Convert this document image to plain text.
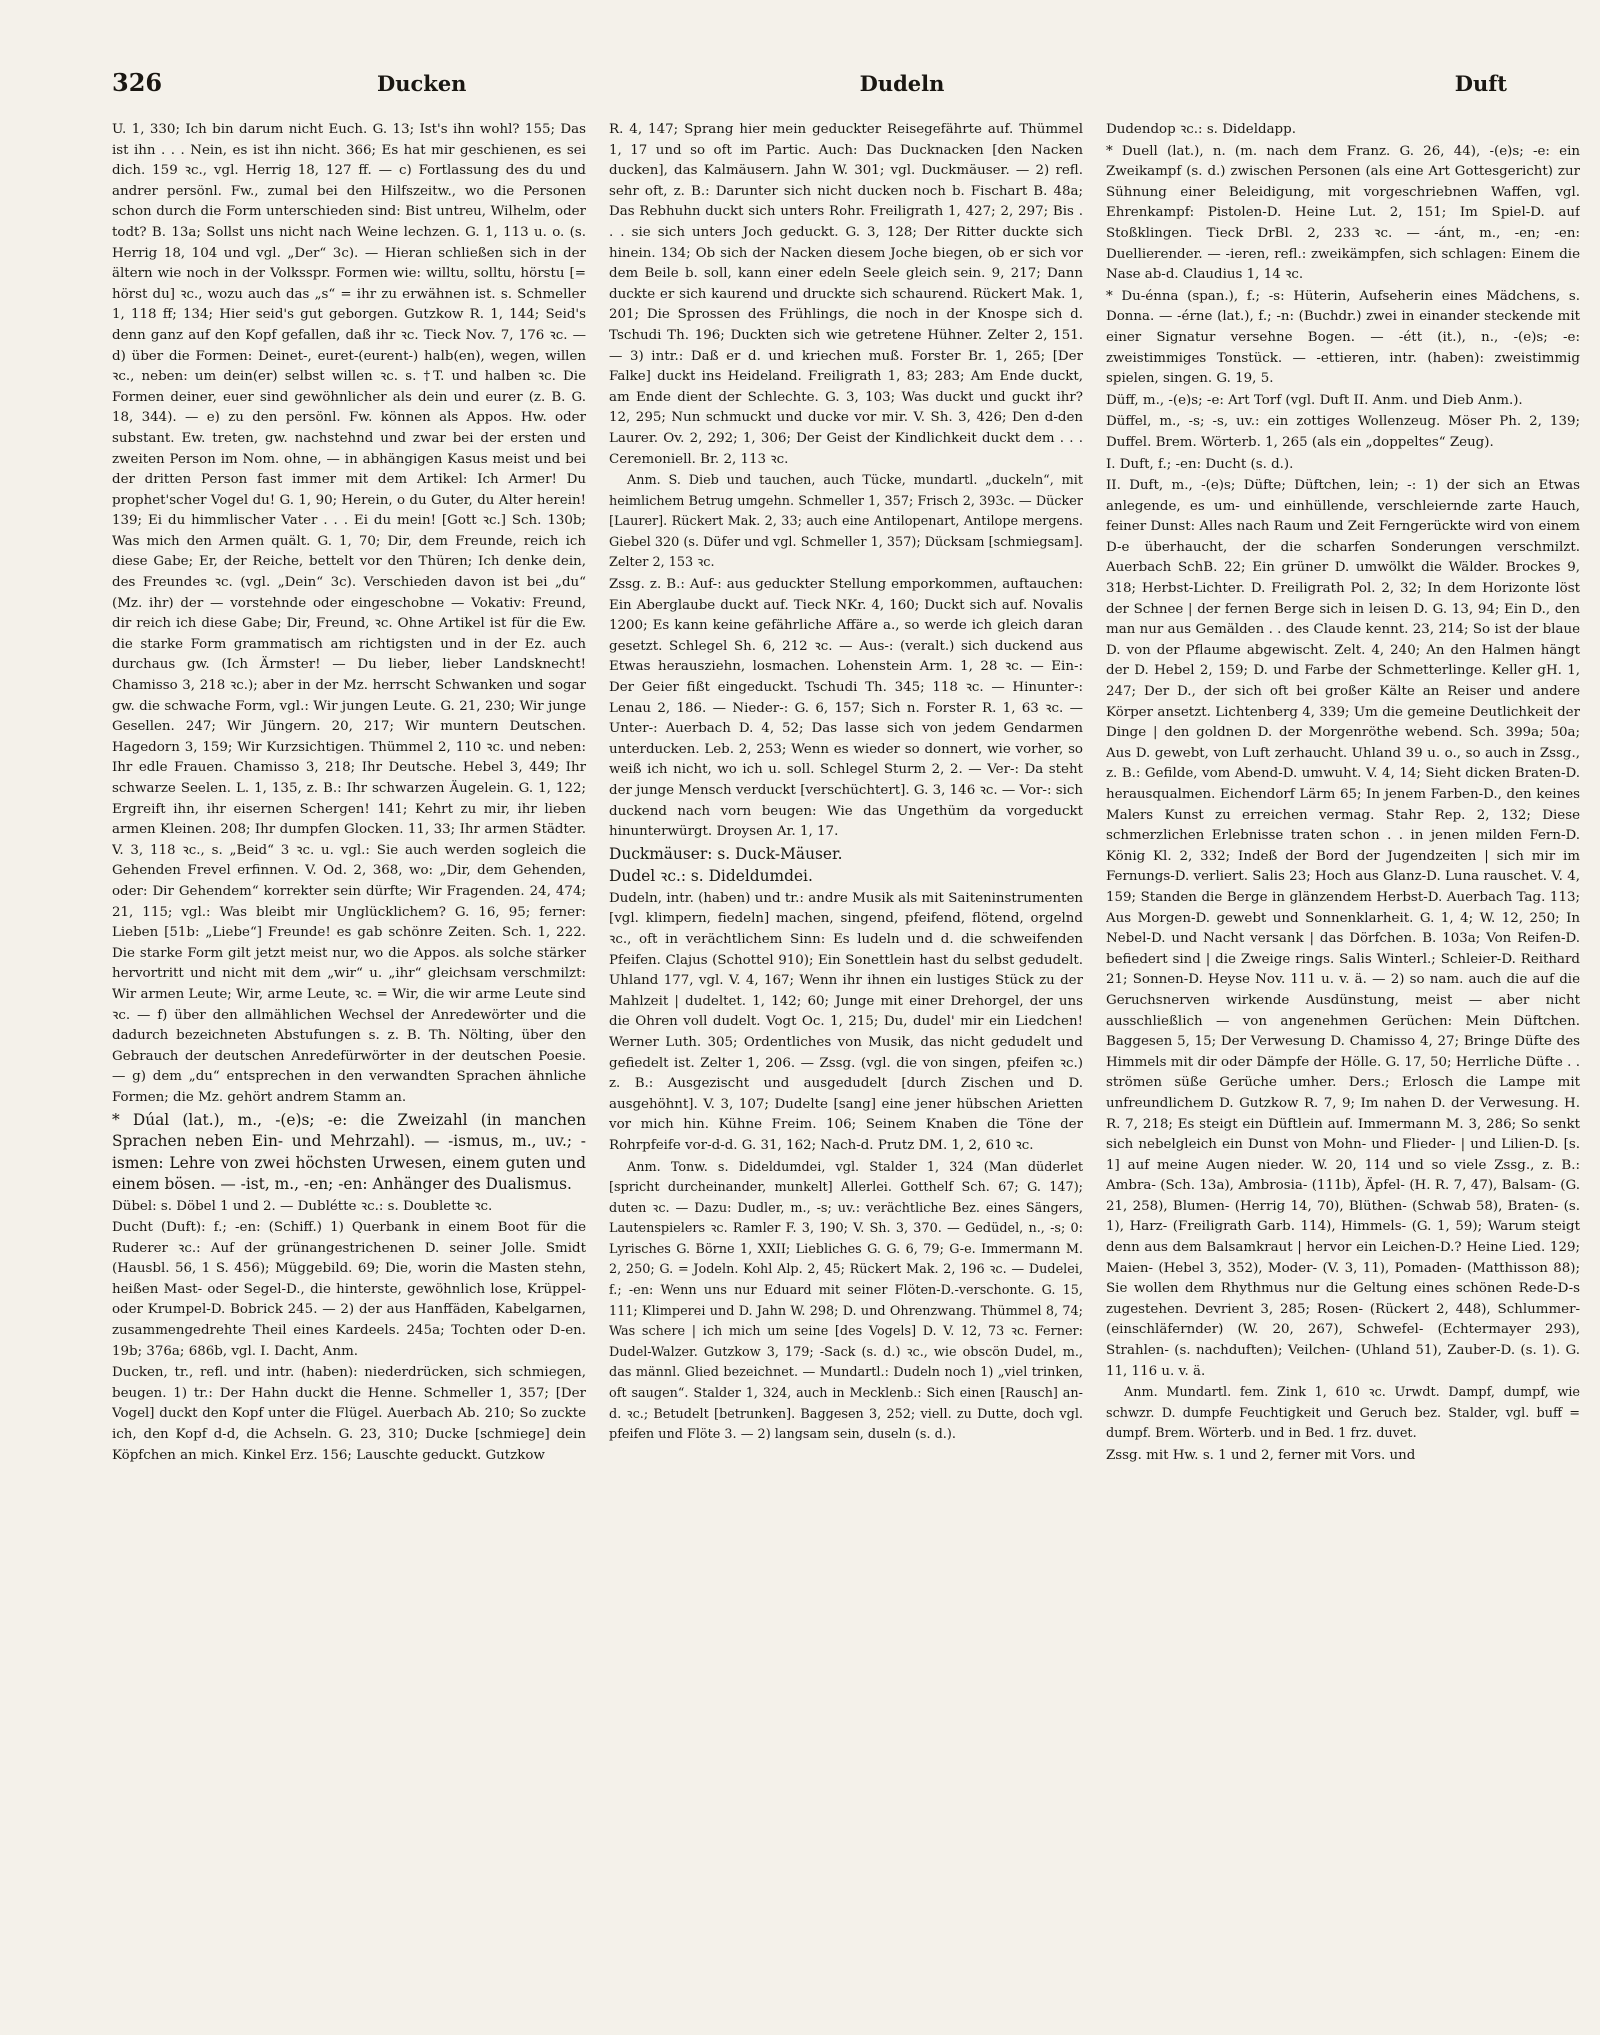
326	Ducken	Dudeln	Duft

U. 1, 330; Ich bin darum nicht Euch. G. 13; Ist's ihn wohl? 155; Das ist ihn . . . Nein, es ist ihn nicht. 366; Es hat mir geschienen, es sei dich. 159 ꝛc., vgl. Herrig 18, 127 ff. — c) Fortlassung des du und andrer persönl. Fw., zumal bei den Hilfszeitw., wo die Personen schon durch die Form unterschieden sind: Bist untreu, Wilhelm, oder todt? B. 13a; Sollst uns nicht nach Weine lechzen. G. 1, 113 u. o. (s. Herrig 18, 104 und vgl. „Der“ 3c). — Hieran schließen sich in der ältern wie noch in der Volksspr. Formen wie: willtu, solltu, hörstu [= hörst du] ꝛc., wozu auch das „s“ = ihr zu erwähnen ist. s. Schmeller 1, 118 ff; 134; Hier seid's gut geborgen. Gutzkow R. 1, 144; Seid's denn ganz auf den Kopf gefallen, daß ihr ꝛc. Tieck Nov. 7, 176 ꝛc. — d) über die Formen: Deinet-, euret-(eurent-) halb(en), wegen, willen ꝛc., neben: um dein(er) selbst willen ꝛc. s. †T. und halben ꝛc. Die Formen deiner, euer sind gewöhnlicher als dein und eurer (z. B. G. 18, 344). — e) zu den persönl. Fw. können als Appos. Hw. oder substant. Ew. treten, gw. nachstehnd und zwar bei der ersten und zweiten Person im Nom. ohne, — in abhängigen Kasus meist und bei der dritten Person fast immer mit dem Artikel: Ich Armer! Du prophet'scher Vogel du! G. 1, 90; Herein, o du Guter, du Alter herein! 139; Ei du himmlischer Vater . . . Ei du mein! [Gott ꝛc.] Sch. 130b; Was mich den Armen quält. G. 1, 70; Dir, dem Freunde, reich ich diese Gabe; Er, der Reiche, bettelt vor den Thüren; Ich denke dein, des Freundes ꝛc. (vgl. „Dein“ 3c). Verschieden davon ist bei „du“ (Mz. ihr) der — vorstehnde oder eingeschobne — Vokativ: Freund, dir reich ich diese Gabe; Dir, Freund, ꝛc. Ohne Artikel ist für die Ew. die starke Form grammatisch am richtigsten und in der Ez. auch durchaus gw. (Ich Ärmster! — Du lieber, lieber Landsknecht! Chamisso 3, 218 ꝛc.); aber in der Mz. herrscht Schwanken und sogar gw. die schwache Form, vgl.: Wir jungen Leute. G. 21, 230; Wir junge Gesellen. 247; Wir Jüngern. 20, 217; Wir muntern Deutschen. Hagedorn 3, 159; Wir Kurzsichtigen. Thümmel 2, 110 ꝛc. und neben: Ihr edle Frauen. Chamisso 3, 218; Ihr Deutsche. Hebel 3, 449; Ihr schwarze Seelen. L. 1, 135, z. B.: Ihr schwarzen Äugelein. G. 1, 122; Ergreift ihn, ihr eisernen Schergen! 141; Kehrt zu mir, ihr lieben armen Kleinen. 208; Ihr dumpfen Glocken. 11, 33; Ihr armen Städter. V. 3, 118 ꝛc., s. „Beid“ 3 ꝛc. u. vgl.: Sie auch werden sogleich die Gehenden Frevel erfinnen. V. Od. 2, 368, wo: „Dir, dem Gehenden, oder: Dir Gehendem“ korrekter sein dürfte; Wir Fragenden. 24, 474; 21, 115; vgl.: Was bleibt mir Unglücklichem? G. 16, 95; ferner: Lieben [51b: „Liebe“] Freunde! es gab schönre Zeiten. Sch. 1, 222. Die starke Form gilt jetzt meist nur, wo die Appos. als solche stärker hervortritt und nicht mit dem „wir“ u. „ihr“ gleichsam verschmilzt: Wir armen Leute; Wir, arme Leute, ꝛc. = Wir, die wir arme Leute sind ꝛc. — f) über den allmählichen Wechsel der Anredewörter und die dadurch bezeichneten Abstufungen s. z. B. Th. Nölting, über den Gebrauch der deutschen Anredefürwörter in der deutschen Poesie. — g) dem „du“ entsprechen in den verwandten Sprachen ähnliche Formen; die Mz. gehört andrem Stamm an.

* Dúal (lat.), m., -(e)s; -e: die Zweizahl (in manchen Sprachen neben Ein- und Mehrzahl). — -ismus, m., uv.; -ismen: Lehre von zwei höchsten Urwesen, einem guten und einem bösen. — -ist, m., -en; -en: Anhänger des Dualismus.

Dübel: s. Döbel 1 und 2. — Dublétte ꝛc.: s. Doublette ꝛc.

Ducht (Duft): f.; -en: (Schiff.) 1) Querbank in einem Boot für die Ruderer ꝛc.: Auf der grünangestrichenen D. seiner Jolle. Smidt (Hausbl. 56, 1 S. 456); Müggebild. 69; Die, worin die Masten stehn, heißen Mast- oder Segel-D., die hinterste, gewöhnlich lose, Krüppel- oder Krumpel-D. Bobrick 245. — 2) der aus Hanffäden, Kabelgarnen, zusammengedrehte Theil eines Kardeels. 245a; Tochten oder D-en. 19b; 376a; 686b, vgl. I. Dacht, Anm.

Ducken, tr., refl. und intr. (haben): niederdrücken, sich schmiegen, beugen. 1) tr.: Der Hahn duckt die Henne. Schmeller 1, 357; [Der Vogel] duckt den Kopf unter die Flügel. Auerbach Ab. 210; So zuckte ich, den Kopf d-d, die Achseln. G. 23, 310; Ducke [schmiege] dein Köpfchen an mich. Kinkel Erz. 156; Lauschte geduckt. Gutzkow

R. 4, 147; Sprang hier mein geduckter Reisegefährte auf. Thümmel 1, 17 und so oft im Partic. Auch: Das Ducknacken [den Nacken ducken], das Kalmäusern. Jahn W. 301; vgl. Duckmäuser. — 2) refl. sehr oft, z. B.: Darunter sich nicht ducken noch b. Fischart B. 48a; Das Rebhuhn duckt sich unters Rohr. Freiligrath 1, 427; 2, 297; Bis . . . sie sich unters Joch geduckt. G. 3, 128; Der Ritter duckte sich hinein. 134; Ob sich der Nacken diesem Joche biegen, ob er sich vor dem Beile b. soll, kann einer edeln Seele gleich sein. 9, 217; Dann duckte er sich kaurend und druckte sich schaurend. Rückert Mak. 1, 201; Die Sprossen des Frühlings, die noch in der Knospe sich d. Tschudi Th. 196; Duckten sich wie getretene Hühner. Zelter 2, 151. — 3) intr.: Daß er d. und kriechen muß. Forster Br. 1, 265; [Der Falke] duckt ins Heideland. Freiligrath 1, 83; 283; Am Ende duckt, am Ende dient der Schlechte. G. 3, 103; Was duckt und guckt ihr? 12, 295; Nun schmuckt und ducke vor mir. V. Sh. 3, 426; Den d-den Laurer. Ov. 2, 292; 1, 306; Der Geist der Kindlichkeit duckt dem . . . Ceremoniell. Br. 2, 113 ꝛc.

Anm. S. Dieb und tauchen, auch Tücke, mundartl. „duckeln“, mit heimlichem Betrug umgehn. Schmeller 1, 357; Frisch 2, 393c. — Dücker [Laurer]. Rückert Mak. 2, 33; auch eine Antilopenart, Antilope mergens. Giebel 320 (s. Düfer und vgl. Schmeller 1, 357); Dücksam [schmiegsam]. Zelter 2, 153 ꝛc.

Zssg. z. B.: Auf-: aus geduckter Stellung emporkommen, auftauchen: Ein Aberglaube duckt auf. Tieck NKr. 4, 160; Duckt sich auf. Novalis 1200; Es kann keine gefährliche Affäre a., so werde ich gleich daran gesetzt. Schlegel Sh. 6, 212 ꝛc. — Aus-: (veralt.) sich duckend aus Etwas herausziehn, losmachen. Lohenstein Arm. 1, 28 ꝛc. — Ein-: Der Geier fißt eingeduckt. Tschudi Th. 345; 118 ꝛc. — Hinunter-: Lenau 2, 186. — Nieder-: G. 6, 157; Sich n. Forster R. 1, 63 ꝛc. — Unter-: Auerbach D. 4, 52; Das lasse sich von jedem Gendarmen unterducken. Leb. 2, 253; Wenn es wieder so donnert, wie vorher, so weiß ich nicht, wo ich u. soll. Schlegel Sturm 2, 2. — Ver-: Da steht der junge Mensch verduckt [verschüchtert]. G. 3, 146 ꝛc. — Vor-: sich duckend nach vorn beugen: Wie das Ungethüm da vorgeduckt hinunterwürgt. Droysen Ar. 1, 17.

Duckmäuser: s. Duck-Mäuser.

Dudel ꝛc.: s. Dideldumdei.

Dudeln, intr. (haben) und tr.: andre Musik als mit Saiteninstrumenten [vgl. klimpern, fiedeln] machen, singend, pfeifend, flötend, orgelnd ꝛc., oft in verächtlichem Sinn: Es ludeln und d. die schweifenden Pfeifen. Clajus (Schottel 910); Ein Sonettlein hast du selbst gedudelt. Uhland 177, vgl. V. 4, 167; Wenn ihr ihnen ein lustiges Stück zu der Mahlzeit | dudeltet. 1, 142; 60; Junge mit einer Drehorgel, der uns die Ohren voll dudelt. Vogt Oc. 1, 215; Du, dudel' mir ein Liedchen! Werner Luth. 305; Ordentliches von Musik, das nicht gedudelt und gefiedelt ist. Zelter 1, 206. — Zssg. (vgl. die von singen, pfeifen ꝛc.) z. B.: Ausgezischt und ausgedudelt [durch Zischen und D. ausgehöhnt]. V. 3, 107; Dudelte [sang] eine jener hübschen Arietten vor mich hin. Kühne Freim. 106; Seinem Knaben die Töne der Rohrpfeife vor-d-d. G. 31, 162; Nach-d. Prutz DM. 1, 2, 610 ꝛc.

Anm. Tonw. s. Dideldumdei, vgl. Stalder 1, 324 (Man düderlet [spricht durcheinander, munkelt] Allerlei. Gotthelf Sch. 67; G. 147); duten ꝛc. — Dazu: Dudler, m., -s; uv.: verächtliche Bez. eines Sängers, Lautenspielers ꝛc. Ramler F. 3, 190; V. Sh. 3, 370. — Gedüdel, n., -s; 0: Lyrisches G. Börne 1, XXII; Liebliches G. G. 6, 79; G-e. Immermann M. 2, 250; G. = Jodeln. Kohl Alp. 2, 45; Rückert Mak. 2, 196 ꝛc. — Dudelei, f.; -en: Wenn uns nur Eduard mit seiner Flöten-D.-verschonte. G. 15, 111; Klimperei und D. Jahn W. 298; D. und Ohrenzwang. Thümmel 8, 74; Was schere | ich mich um seine [des Vogels] D. V. 12, 73 ꝛc. Ferner: Dudel-Walzer. Gutzkow 3, 179; -Sack (s. d.) ꝛc., wie obscön Dudel, m., das männl. Glied bezeichnet. — Mundartl.: Dudeln noch 1) „viel trinken, oft saugen“. Stalder 1, 324, auch in Mecklenb.: Sich einen [Rausch] an-d. ꝛc.; Betudelt [betrunken]. Baggesen 3, 252; viell. zu Dutte, doch vgl. pfeifen und Flöte 3. — 2) langsam sein, duseln (s. d.).

Dudendop ꝛc.: s. Dideldapp.

* Duell (lat.), n. (m. nach dem Franz. G. 26, 44), -(e)s; -e: ein Zweikampf (s. d.) zwischen Personen (als eine Art Gottesgericht) zur Sühnung einer Beleidigung, mit vorgeschriebnen Waffen, vgl. Ehrenkampf: Pistolen-D. Heine Lut. 2, 151; Im Spiel-D. auf Stoßklingen. Tieck DrBl. 2, 233 ꝛc. — -ánt, m., -en; -en: Duellierender. — -ieren, refl.: zweikämpfen, sich schlagen: Einem die Nase ab-d. Claudius 1, 14 ꝛc.

* Du-énna (span.), f.; -s: Hüterin, Aufseherin eines Mädchens, s. Donna. — -érne (lat.), f.; -n: (Buchdr.) zwei in einander steckende mit einer Signatur versehne Bogen. — -étt (it.), n., -(e)s; -e: zweistimmiges Tonstück. — -ettieren, intr. (haben): zweistimmig spielen, singen. G. 19, 5.

Düff, m., -(e)s; -e: Art Torf (vgl. Duft II. Anm. und Dieb Anm.).

Düffel, m., -s; -s, uv.: ein zottiges Wollenzeug. Möser Ph. 2, 139; Duffel. Brem. Wörterb. 1, 265 (als ein „doppeltes“ Zeug).

I. Duft, f.; -en: Ducht (s. d.).

II. Duft, m., -(e)s; Düfte; Düftchen, lein; -: 1) der sich an Etwas anlegende, es um- und einhüllende, verschleiernde zarte Hauch, feiner Dunst: Alles nach Raum und Zeit Ferngerückte wird von einem D-e überhaucht, der die scharfen Sonderungen verschmilzt. Auerbach SchB. 22; Ein grüner D. umwölkt die Wälder. Brockes 9, 318; Herbst-Lichter. D. Freiligrath Pol. 2, 32; In dem Horizonte löst der Schnee | der fernen Berge sich in leisen D. G. 13, 94; Ein D., den man nur aus Gemälden . . des Claude kennt. 23, 214; So ist der blaue D. von der Pflaume abgewischt. Zelt. 4, 240; An den Halmen hängt der D. Hebel 2, 159; D. und Farbe der Schmetterlinge. Keller gH. 1, 247; Der D., der sich oft bei großer Kälte an Reiser und andere Körper ansetzt. Lichtenberg 4, 339; Um die gemeine Deutlichkeit der Dinge | den goldnen D. der Morgenröthe webend. Sch. 399a; 50a; Aus D. gewebt, von Luft zerhaucht. Uhland 39 u. o., so auch in Zssg., z. B.: Gefilde, vom Abend-D. umwuht. V. 4, 14; Sieht dicken Braten-D. herausqualmen. Eichendorf Lärm 65; In jenem Farben-D., den keines Malers Kunst zu erreichen vermag. Stahr Rep. 2, 132; Diese schmerzlichen Erlebnisse traten schon . . in jenen milden Fern-D. König Kl. 2, 332; Indeß der Bord der Jugendzeiten | sich mir im Fernungs-D. verliert. Salis 23; Hoch aus Glanz-D. Luna rauschet. V. 4, 159; Standen die Berge in glänzendem Herbst-D. Auerbach Tag. 113; Aus Morgen-D. gewebt und Sonnenklarheit. G. 1, 4; W. 12, 250; In Nebel-D. und Nacht versank | das Dörfchen. B. 103a; Von Reifen-D. befiedert sind | die Zweige rings. Salis Winterl.; Schleier-D. Reithard 21; Sonnen-D. Heyse Nov. 111 u. v. ä. — 2) so nam. auch die auf die Geruchsnerven wirkende Ausdünstung, meist — aber nicht ausschließlich — von angenehmen Gerüchen: Mein Düftchen. Baggesen 5, 15; Der Verwesung D. Chamisso 4, 27; Bringe Düfte des Himmels mit dir oder Dämpfe der Hölle. G. 17, 50; Herrliche Düfte . . strömen süße Gerüche umher. Ders.; Erlosch die Lampe mit unfreundlichem D. Gutzkow R. 7, 9; Im nahen D. der Verwesung. H. R. 7, 218; Es steigt ein Düftlein auf. Immermann M. 3, 286; So senkt sich nebelgleich ein Dunst von Mohn- und Flieder- | und Lilien-D. [s. 1] auf meine Augen nieder. W. 20, 114 und so viele Zssg., z. B.: Ambra- (Sch. 13a), Ambrosia- (111b), Äpfel- (H. R. 7, 47), Balsam- (G. 21, 258), Blumen- (Herrig 14, 70), Blüthen- (Schwab 58), Braten- (s. 1), Harz- (Freiligrath Garb. 114), Himmels- (G. 1, 59); Warum steigt denn aus dem Balsamkraut | hervor ein Leichen-D.? Heine Lied. 129; Maien- (Hebel 3, 352), Moder- (V. 3, 11), Pomaden- (Matthisson 88); Sie wollen dem Rhythmus nur die Geltung eines schönen Rede-D-s zugestehen. Devrient 3, 285; Rosen- (Rückert 2, 448), Schlummer- (einschläfernder) (W. 20, 267), Schwefel- (Echtermayer 293), Strahlen- (s. nachduften); Veilchen- (Uhland 51), Zauber-D. (s. 1). G. 11, 116 u. v. ä.

Anm. Mundartl. fem. Zink 1, 610 ꝛc. Urwdt. Dampf, dumpf, wie schwzr. D. dumpfe Feuchtigkeit und Geruch bez. Stalder, vgl. buff = dumpf. Brem. Wörterb. und in Bed. 1 frz. duvet.

Zssg. mit Hw. s. 1 und 2, ferner mit Vors. und
